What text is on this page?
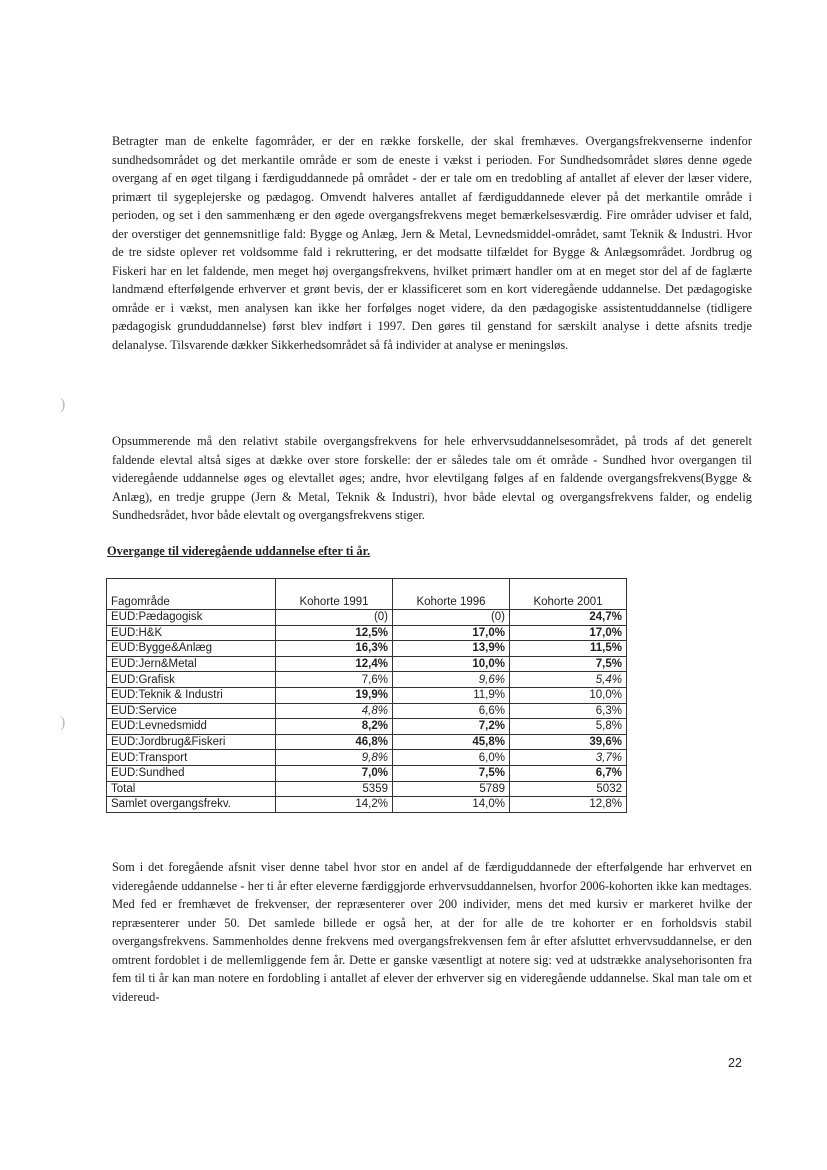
Betragter man de enkelte fagområder, er der en række forskelle, der skal fremhæves. Overgangsfrekvenserne indenfor sundhedsområdet og det merkantile område er som de eneste i vækst i perioden. For Sundhedsområdet sløres denne øgede overgang af en øget tilgang i færdiguddannede på området - der er tale om en tredobling af antallet af elever der læser videre, primært til sygeplejerske og pædagog. Omvendt halveres antallet af færdiguddannede elever på det merkantile område i perioden, og set i den sammenhæng er den øgede overgangsfrekvens meget bemærkelsesværdig. Fire områder udviser et fald, der overstiger det gennemsnitlige fald: Bygge og Anlæg, Jern & Metal, Levnedsmiddel-området, samt Teknik & Industri. Hvor de tre sidste oplever ret voldsomme fald i rekruttering, er det modsatte tilfældet for Bygge & Anlægsområdet. Jordbrug og Fiskeri har en let faldende, men meget høj overgangsfrekvens, hvilket primært handler om at en meget stor del af de faglærte landmænd efterfølgende erhverver et grønt bevis, der er klassificeret som en kort videregående uddannelse. Det pædagogiske område er i vækst, men analysen kan ikke her forfølges noget videre, da den pædagogiske assistentuddannelse (tidligere pædagogisk grunduddannelse) først blev indført i 1997. Den gøres til genstand for særskilt analyse i dette afsnits tredje delanalyse. Tilsvarende dækker Sikkerhedsområdet så få individer at analyse er meningsløs.

)

Opsummerende må den relativt stabile overgangsfrekvens for hele erhvervsuddannelsesområdet, på trods af det generelt faldende elevtal altså siges at dække over store forskelle: der er således tale om ét område - Sundhed hvor overgangen til videregående uddannelse øges og elevtallet øges; andre, hvor elevtilgang følges af en faldende overgangsfrekvens(Bygge & Anlæg), en tredje gruppe (Jern & Metal, Teknik & Industri), hvor både elevtal og overgangsfrekvens falder, og endelig Sundhedsrådet, hvor både elevtalt og overgangsfrekvens stiger.

Overgange til videregående uddannelse efter ti år.

)
Fagområde	Kohorte 1991	Kohorte 1996	Kohorte 2001
EUD:Pædagogisk	(0)	(0)	24,7%
EUD:H&K	12,5%	17,0%	17,0%
EUD:Bygge&Anlæg	16,3%	13,9%	11,5%
EUD:Jern&Metal	12,4%	10,0%	7,5%
EUD:Grafisk	7,6%	9,6%	5,4%
EUD:Teknik & Industri	19,9%	11,9%	10,0%
EUD:Service	4,8%	6,6%	6,3%
EUD:Levnedsmidd	8,2%	7,2%	5,8%
EUD:Jordbrug&Fiskeri	46,8%	45,8%	39,6%
EUD:Transport	9,8%	6,0%	3,7%
EUD:Sundhed	7,0%	7,5%	6,7%
Total	5359	5789	5032
Samlet overgangsfrekv.	14,2%	14,0%	12,8%

Som i det foregående afsnit viser denne tabel hvor stor en andel af de færdiguddannede der efterfølgende har erhvervet en videregående uddannelse - her ti år efter eleverne færdiggjorde erhvervsuddannelsen, hvorfor 2006-kohorten ikke kan medtages. Med fed er fremhævet de frekvenser, der repræsenterer over 200 individer, mens det med kursiv er markeret hvilke der repræsenterer under 50. Det samlede billede er også her, at der for alle de tre kohorter er en forholdsvis stabil overgangsfrekvens. Sammenholdes denne frekvens med overgangsfrekvensen fem år efter afsluttet erhvervsuddannelse, er den omtrent fordoblet i de mellemliggende fem år. Dette er ganske væsentligt at notere sig: ved at udstrække analysehorisonten fra fem til ti år kan man notere en fordobling i antallet af elever der erhverver sig en videregående uddannelse. Skal man tale om et videreud-

22
